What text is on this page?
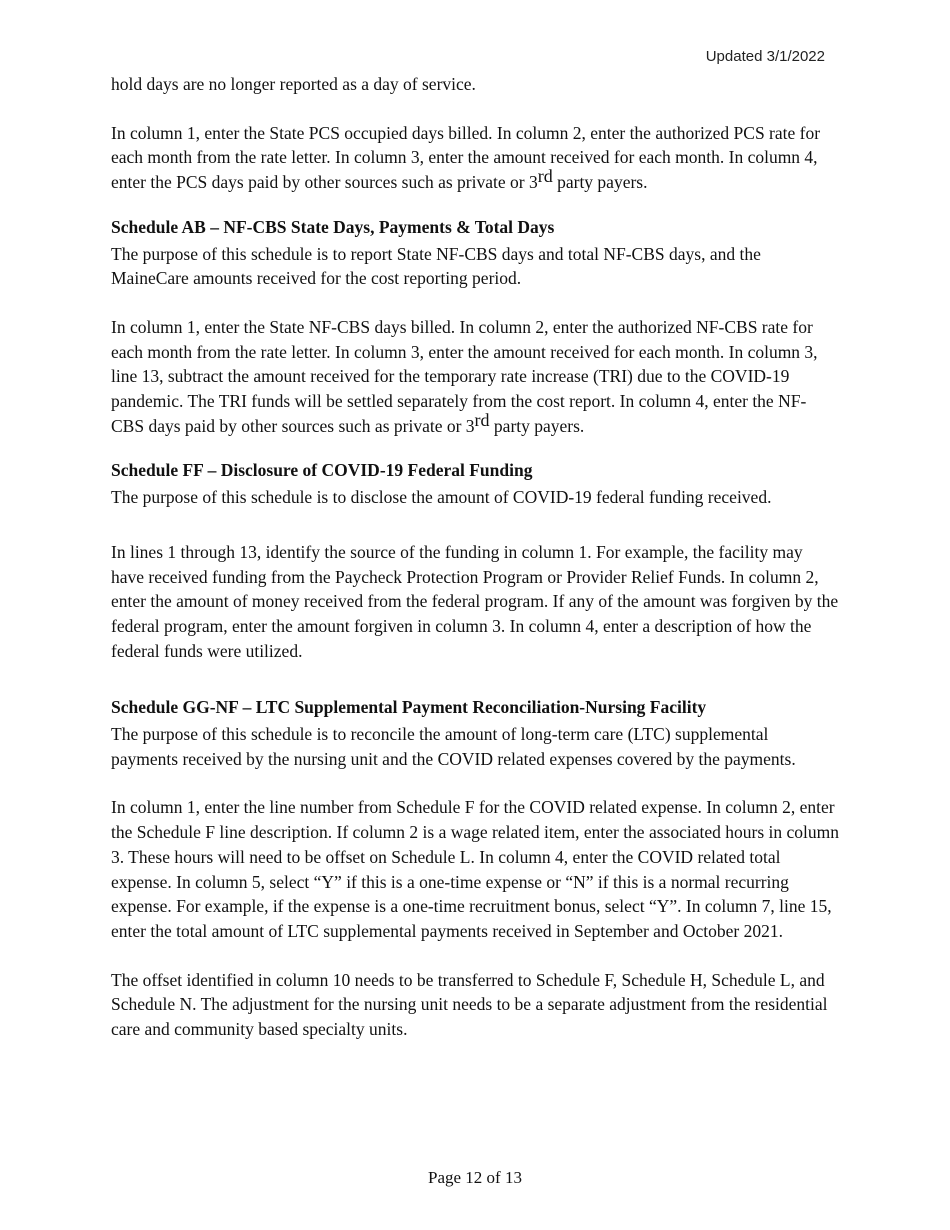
Updated 3/1/2022

hold days are no longer reported as a day of service.

In column 1, enter the State PCS occupied days billed. In column 2, enter the authorized PCS rate for each month from the rate letter. In column 3, enter the amount received for each month. In column 4, enter the PCS days paid by other sources such as private or 3rd party payers.

Schedule AB – NF-CBS State Days, Payments & Total Days

The purpose of this schedule is to report State NF-CBS days and total NF-CBS days, and the MaineCare amounts received for the cost reporting period.

In column 1, enter the State NF-CBS days billed. In column 2, enter the authorized NF-CBS rate for each month from the rate letter. In column 3, enter the amount received for each month. In column 3, line 13, subtract the amount received for the temporary rate increase (TRI) due to the COVID-19 pandemic. The TRI funds will be settled separately from the cost report. In column 4, enter the NF-CBS days paid by other sources such as private or 3rd party payers.

Schedule FF – Disclosure of COVID-19 Federal Funding

The purpose of this schedule is to disclose the amount of COVID-19 federal funding received.

In lines 1 through 13, identify the source of the funding in column 1. For example, the facility may have received funding from the Paycheck Protection Program or Provider Relief Funds. In column 2, enter the amount of money received from the federal program. If any of the amount was forgiven by the federal program, enter the amount forgiven in column 3. In column 4, enter a description of how the federal funds were utilized.

Schedule GG-NF – LTC Supplemental Payment Reconciliation-Nursing Facility

The purpose of this schedule is to reconcile the amount of long-term care (LTC) supplemental payments received by the nursing unit and the COVID related expenses covered by the payments.

In column 1, enter the line number from Schedule F for the COVID related expense. In column 2, enter the Schedule F line description. If column 2 is a wage related item, enter the associated hours in column 3. These hours will need to be offset on Schedule L. In column 4, enter the COVID related total expense. In column 5, select “Y” if this is a one-time expense or “N” if this is a normal recurring expense. For example, if the expense is a one-time recruitment bonus, select “Y”. In column 7, line 15, enter the total amount of LTC supplemental payments received in September and October 2021.

The offset identified in column 10 needs to be transferred to Schedule F, Schedule H, Schedule L, and Schedule N. The adjustment for the nursing unit needs to be a separate adjustment from the residential care and community based specialty units.

Page 12 of 13
